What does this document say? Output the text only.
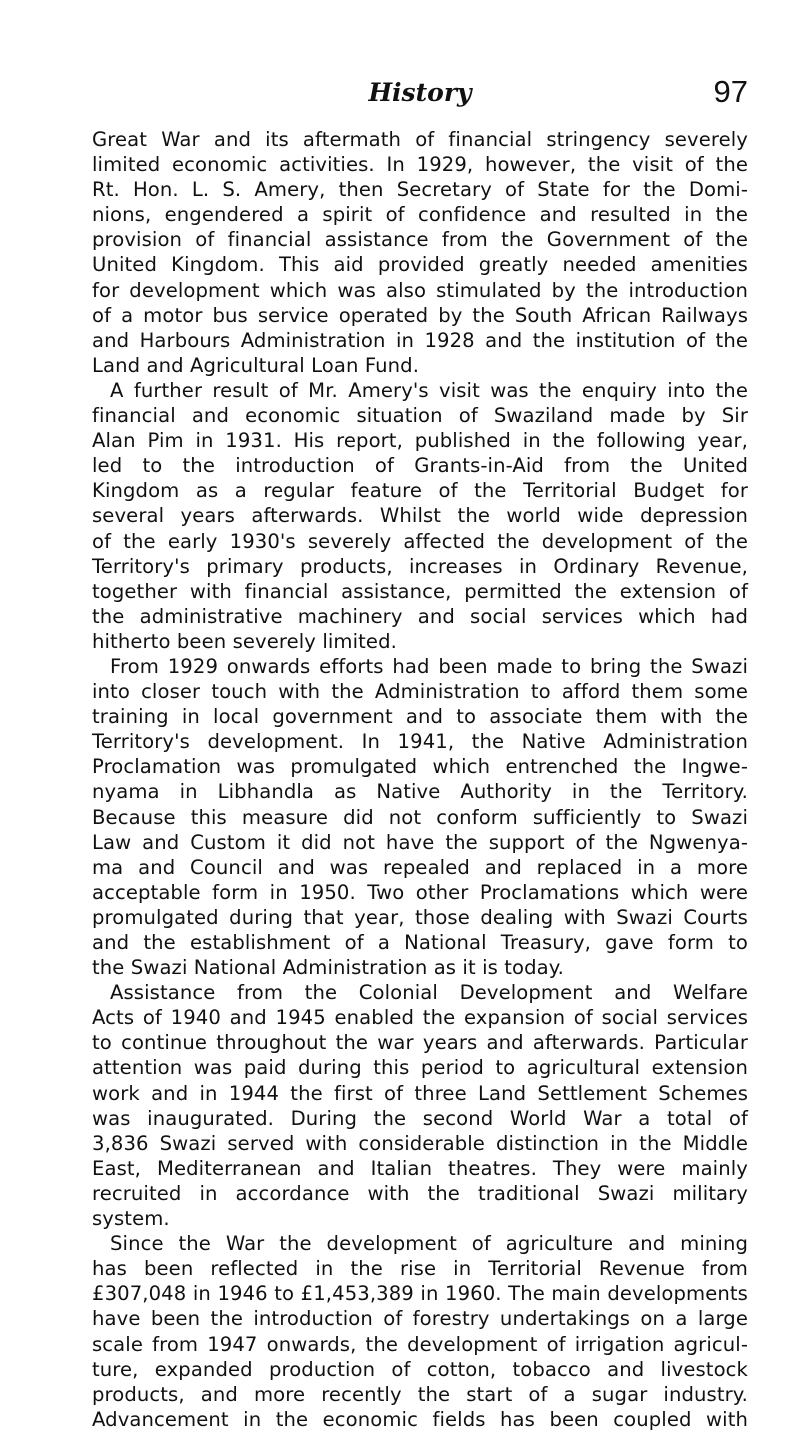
History	97
Great War and its aftermath of financial stringency severely
limited economic activities. In 1929, however, the visit of the
Rt. Hon. L. S. Amery, then Secretary of State for the Domi-
nions, engendered a spirit of confidence and resulted in the
provision of financial assistance from the Government of the
United Kingdom. This aid provided greatly needed amenities
for development which was also stimulated by the introduction
of a motor bus service operated by the South African Railways
and Harbours Administration in 1928 and the institution of the
Land and Agricultural Loan Fund.
A further result of Mr. Amery's visit was the enquiry into the
financial and economic situation of Swaziland made by Sir
Alan Pim in 1931. His report, published in the following year,
led to the introduction of Grants-in-Aid from the United
Kingdom as a regular feature of the Territorial Budget for
several years afterwards. Whilst the world wide depression
of the early 1930's severely affected the development of the
Territory's primary products, increases in Ordinary Revenue,
together with financial assistance, permitted the extension of
the administrative machinery and social services which had
hitherto been severely limited.
From 1929 onwards efforts had been made to bring the Swazi
into closer touch with the Administration to afford them some
training in local government and to associate them with the
Territory's development. In 1941, the Native Administration
Proclamation was promulgated which entrenched the Ingwe-
nyama in Libhandla as Native Authority in the Territory.
Because this measure did not conform sufficiently to Swazi
Law and Custom it did not have the support of the Ngwenya-
ma and Council and was repealed and replaced in a more
acceptable form in 1950. Two other Proclamations which were
promulgated during that year, those dealing with Swazi Courts
and the establishment of a National Treasury, gave form to
the Swazi National Administration as it is today.
Assistance from the Colonial Development and Welfare
Acts of 1940 and 1945 enabled the expansion of social services
to continue throughout the war years and afterwards. Particular
attention was paid during this period to agricultural extension
work and in 1944 the first of three Land Settlement Schemes
was inaugurated. During the second World War a total of
3,836 Swazi served with considerable distinction in the Middle
East, Mediterranean and Italian theatres. They were mainly
recruited in accordance with the traditional Swazi military
system.
Since the War the development of agriculture and mining
has been reflected in the rise in Territorial Revenue from
£307,048 in 1946 to £1,453,389 in 1960. The main developments
have been the introduction of forestry undertakings on a large
scale from 1947 onwards, the development of irrigation agricul-
ture, expanded production of cotton, tobacco and livestock
products, and more recently the start of a sugar industry.
Advancement in the economic fields has been coupled with
